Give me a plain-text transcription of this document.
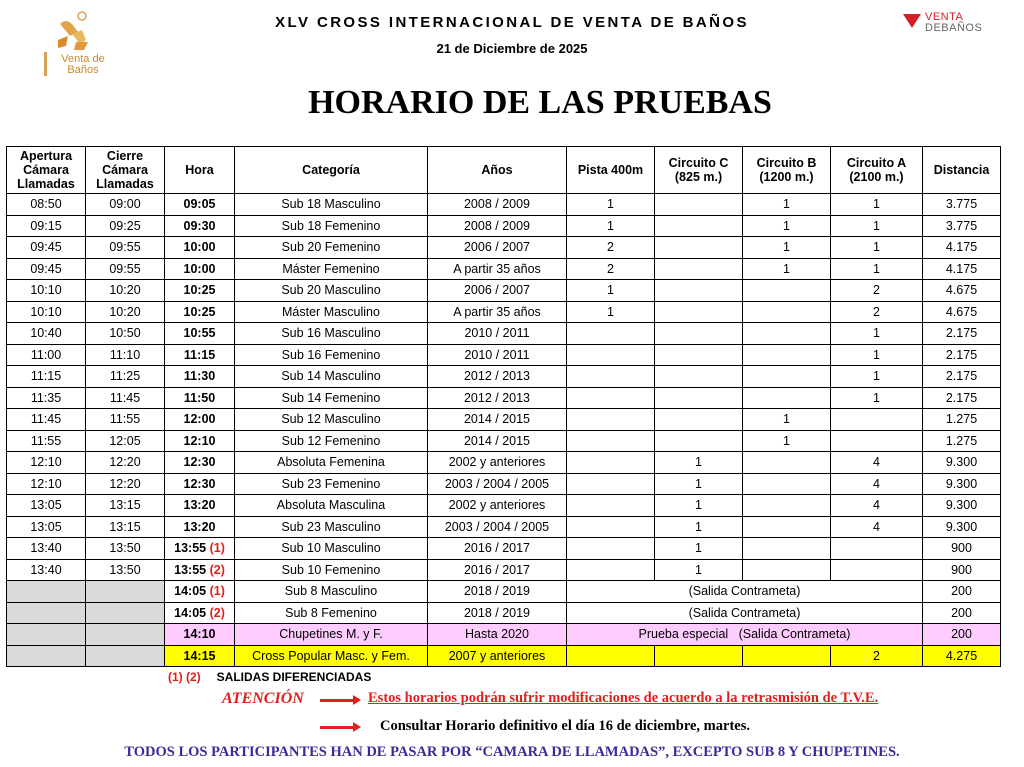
Venta de
Baños
VENTA
DEBAÑOS
XLV CROSS INTERNACIONAL DE VENTA DE BAÑOS
21 de Diciembre de 2025
HORARIO DE LAS PRUEBAS
Apertura Cámara Llamadas	Cierre Cámara Llamadas	Hora	Categoría	Años	Pista 400m	Circuito C (825 m.)	Circuito B (1200 m.)	Circuito A (2100 m.)	Distancia
08:50	09:00	09:05	Sub 18 Masculino	2008 / 2009	1		1	1	3.775
09:15	09:25	09:30	Sub 18 Femenino	2008 / 2009	1		1	1	3.775
09:45	09:55	10:00	Sub 20 Femenino	2006 / 2007	2		1	1	4.175
09:45	09:55	10:00	Máster Femenino	A partir 35 años	2		1	1	4.175
10:10	10:20	10:25	Sub 20 Masculino	2006 / 2007	1			2	4.675
10:10	10:20	10:25	Máster Masculino	A partir 35 años	1			2	4.675
10:40	10:50	10:55	Sub 16 Masculino	2010 / 2011				1	2.175
11:00	11:10	11:15	Sub 16 Femenino	2010 / 2011				1	2.175
11:15	11:25	11:30	Sub 14 Masculino	2012 / 2013				1	2.175
11:35	11:45	11:50	Sub 14 Femenino	2012 / 2013				1	2.175
11:45	11:55	12:00	Sub 12 Masculino	2014 / 2015			1		1.275
11:55	12:05	12:10	Sub 12 Femenino	2014 / 2015			1		1.275
12:10	12:20	12:30	Absoluta Femenina	2002 y anteriores		1		4	9.300
12:10	12:20	12:30	Sub 23 Femenino	2003 / 2004 / 2005		1		4	9.300
13:05	13:15	13:20	Absoluta Masculina	2002 y anteriores		1		4	9.300
13:05	13:15	13:20	Sub 23 Masculino	2003 / 2004 / 2005		1		4	9.300
13:40	13:50	13:55 (1)	Sub 10 Masculino	2016 / 2017		1			900
13:40	13:50	13:55 (2)	Sub 10 Femenino	2016 / 2017		1			900
		14:05 (1)	Sub 8 Masculino	2018 / 2019	(Salida Contrameta)				200
		14:05 (2)	Sub 8 Femenino	2018 / 2019	(Salida Contrameta)				200
		14:10	Chupetines M. y F.	Hasta 2020	Prueba especial   (Salida Contrameta)				200
		14:15	Cross Popular Masc. y Fem.	2007 y anteriores				2	4.275
(1) (2) SALIDAS DIFERENCIADAS
ATENCIÓN	Estos horarios podrán sufrir modificaciones de acuerdo a la retrasmisión de T.V.E.
Consultar Horario definitivo el día 16 de diciembre, martes.
TODOS LOS PARTICIPANTES HAN DE PASAR POR “CAMARA DE LLAMADAS”, EXCEPTO SUB 8 Y CHUPETINES.
